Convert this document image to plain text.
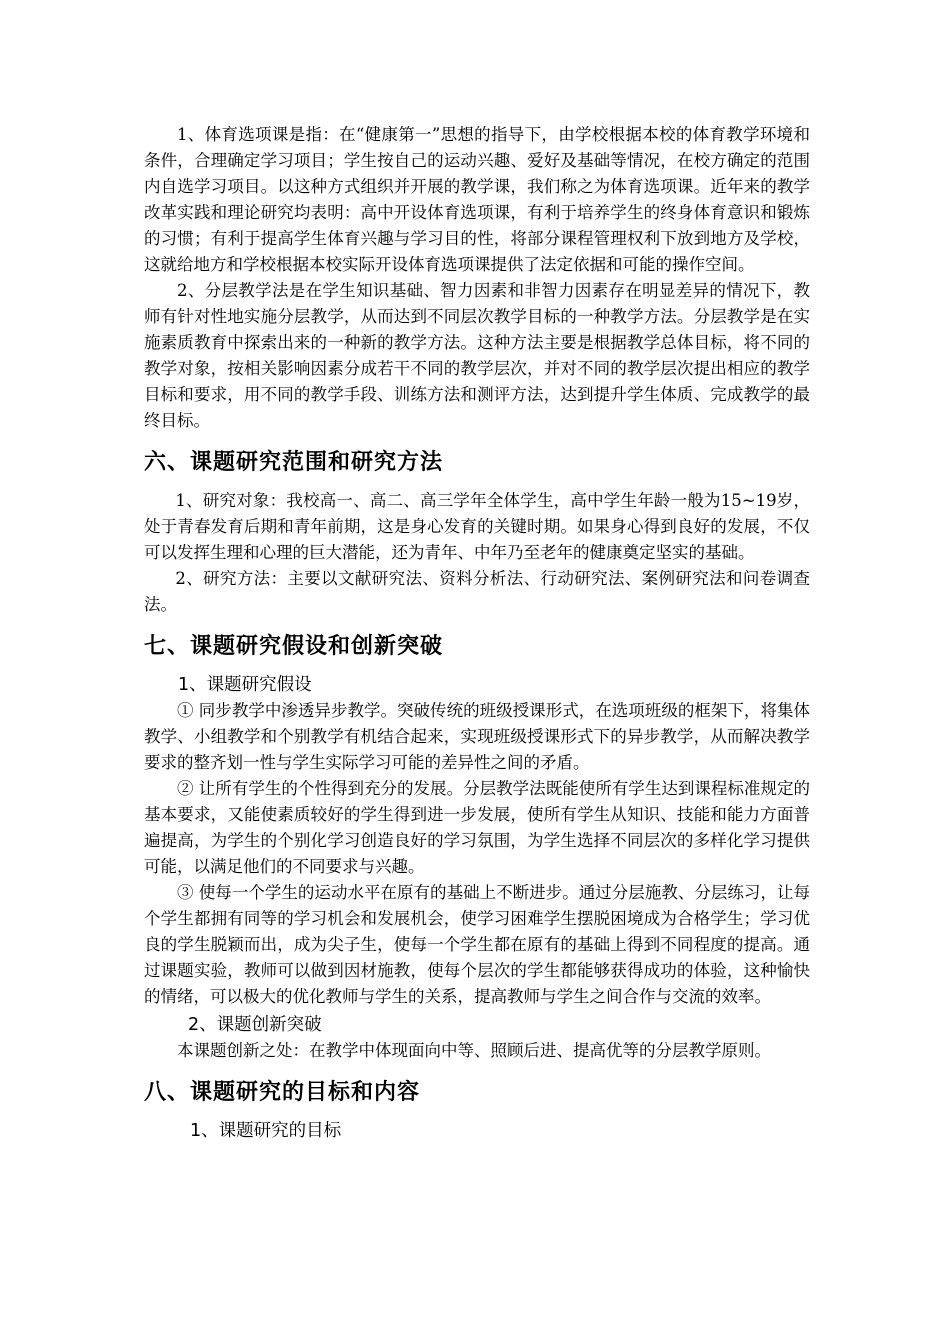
1、体育选项课是指：在“健康第一”思想的指导下，由学校根据本校的体育教学环境和条件，合理确定学习项目；学生按自己的运动兴趣、爱好及基础等情况，在校方确定的范围内自选学习项目。以这种方式组织并开展的教学课，我们称之为体育选项课。近年来的教学改革实践和理论研究均表明：高中开设体育选项课，有利于培养学生的终身体育意识和锻炼的习惯；有利于提高学生体育兴趣与学习目的性，将部分课程管理权利下放到地方及学校，这就给地方和学校根据本校实际开设体育选项课提供了法定依据和可能的操作空间。

2、分层教学法是在学生知识基础、智力因素和非智力因素存在明显差异的情况下，教师有针对性地实施分层教学，从而达到不同层次教学目标的一种教学方法。分层教学是在实施素质教育中探索出来的一种新的教学方法。这种方法主要是根据教学总体目标，将不同的教学对象，按相关影响因素分成若干不同的教学层次，并对不同的教学层次提出相应的教学目标和要求，用不同的教学手段、训练方法和测评方法，达到提升学生体质、完成教学的最终目标。

六、课题研究范围和研究方法

1、研究对象：我校高一、高二、高三学年全体学生，高中学生年龄一般为15~19岁，处于青春发育后期和青年前期，这是身心发育的关键时期。如果身心得到良好的发展，不仅可以发挥生理和心理的巨大潜能，还为青年、中年乃至老年的健康奠定坚实的基础。

2、研究方法：主要以文献研究法、资料分析法、行动研究法、案例研究法和问卷调查法。

七、课题研究假设和创新突破
1、课题研究假设

① 同步教学中渗透异步教学。突破传统的班级授课形式，在选项班级的框架下，将集体教学、小组教学和个别教学有机结合起来，实现班级授课形式下的异步教学，从而解决教学要求的整齐划一性与学生实际学习可能的差异性之间的矛盾。

② 让所有学生的个性得到充分的发展。分层教学法既能使所有学生达到课程标准规定的基本要求，又能使素质较好的学生得到进一步发展，使所有学生从知识、技能和能力方面普遍提高，为学生的个别化学习创造良好的学习氛围，为学生选择不同层次的多样化学习提供可能，以满足他们的不同要求与兴趣。

③ 使每一个学生的运动水平在原有的基础上不断进步。通过分层施教、分层练习，让每个学生都拥有同等的学习机会和发展机会，使学习困难学生摆脱困境成为合格学生；学习优良的学生脱颖而出，成为尖子生，使每一个学生都在原有的基础上得到不同程度的提高。通过课题实验，教师可以做到因材施教，使每个层次的学生都能够获得成功的体验，这种愉快的情绪，可以极大的优化教师与学生的关系，提高教师与学生之间合作与交流的效率。

2、课题创新突破

本课题创新之处：在教学中体现面向中等、照顾后进、提高优等的分层教学原则。

八、课题研究的目标和内容
1、课题研究的目标
